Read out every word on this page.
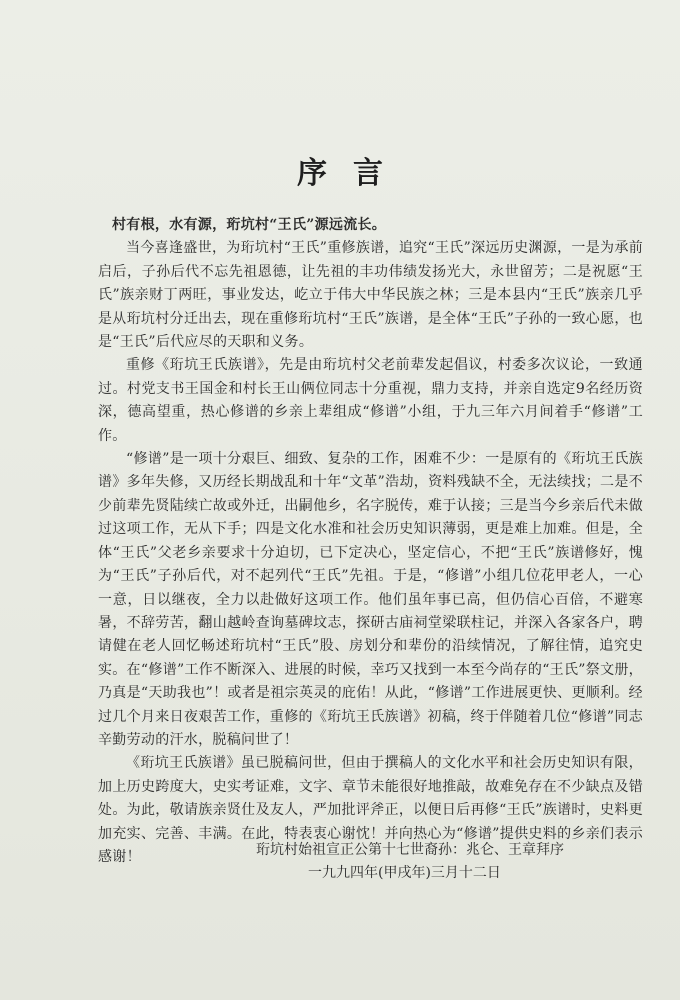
序言

村有根，水有源，珩坑村“王氏”源远流长。

当今喜逢盛世，为珩坑村“王氏”重修族谱，追究“王氏”深远历史渊源，一是为承前启后，子孙后代不忘先祖恩德，让先祖的丰功伟绩发扬光大，永世留芳；二是祝愿“王氏”族亲财丁两旺，事业发达，屹立于伟大中华民族之林；三是本县内“王氏”族亲几乎是从珩坑村分迁出去，现在重修珩坑村“王氏”族谱，是全体“王氏”子孙的一致心愿，也是“王氏”后代应尽的天职和义务。

重修《珩坑王氏族谱》，先是由珩坑村父老前辈发起倡议，村委多次议论，一致通过。村党支书王国金和村长王山俩位同志十分重视，鼎力支持，并亲自选定9名经历资深，德高望重，热心修谱的乡亲上辈组成“修谱”小组，于九三年六月间着手“修谱”工作。

“修谱”是一项十分艰巨、细致、复杂的工作，困难不少：一是原有的《珩坑王氏族谱》多年失修，又历经长期战乱和十年“文革”浩劫，资料残缺不全，无法续找；二是不少前辈先贤陆续亡故或外迁，出嗣他乡，名字脱传，难于认接；三是当今乡亲后代未做过这项工作，无从下手；四是文化水准和社会历史知识薄弱，更是难上加难。但是，全体“王氏”父老乡亲要求十分迫切，已下定决心，坚定信心，不把“王氏”族谱修好，愧为“王氏”子孙后代，对不起列代“王氏”先祖。于是，“修谱”小组几位花甲老人，一心一意，日以继夜，全力以赴做好这项工作。他们虽年事已高，但仍信心百倍，不避寒暑，不辞劳苦，翻山越岭查询墓碑坟志，探研古庙祠堂梁联柱记，并深入各家各户，聘请健在老人回忆畅述珩坑村“王氏”股、房划分和辈份的沿续情况，了解往情，追究史实。在“修谱”工作不断深入、进展的时候，幸巧又找到一本至今尚存的“王氏”祭文册，乃真是“天助我也”！或者是祖宗英灵的庇佑！从此，“修谱”工作进展更快、更顺利。经过几个月来日夜艰苦工作，重修的《珩坑王氏族谱》初稿，终于伴随着几位“修谱”同志辛勤劳动的汗水，脱稿问世了！

《珩坑王氏族谱》虽已脱稿问世，但由于撰稿人的文化水平和社会历史知识有限，加上历史跨度大，史实考证难，文字、章节未能很好地推敲，故难免存在不少缺点及错处。为此，敬请族亲贤仕及友人，严加批评斧正，以便日后再修“王氏”族谱时，史料更加充实、完善、丰满。在此，特表衷心谢忱！并向热心为“修谱”提供史料的乡亲们表示感谢！	珩坑村始祖宣正公第十七世裔孙：兆仑、王章拜序
一九九四年(甲戌年)三月十二日
